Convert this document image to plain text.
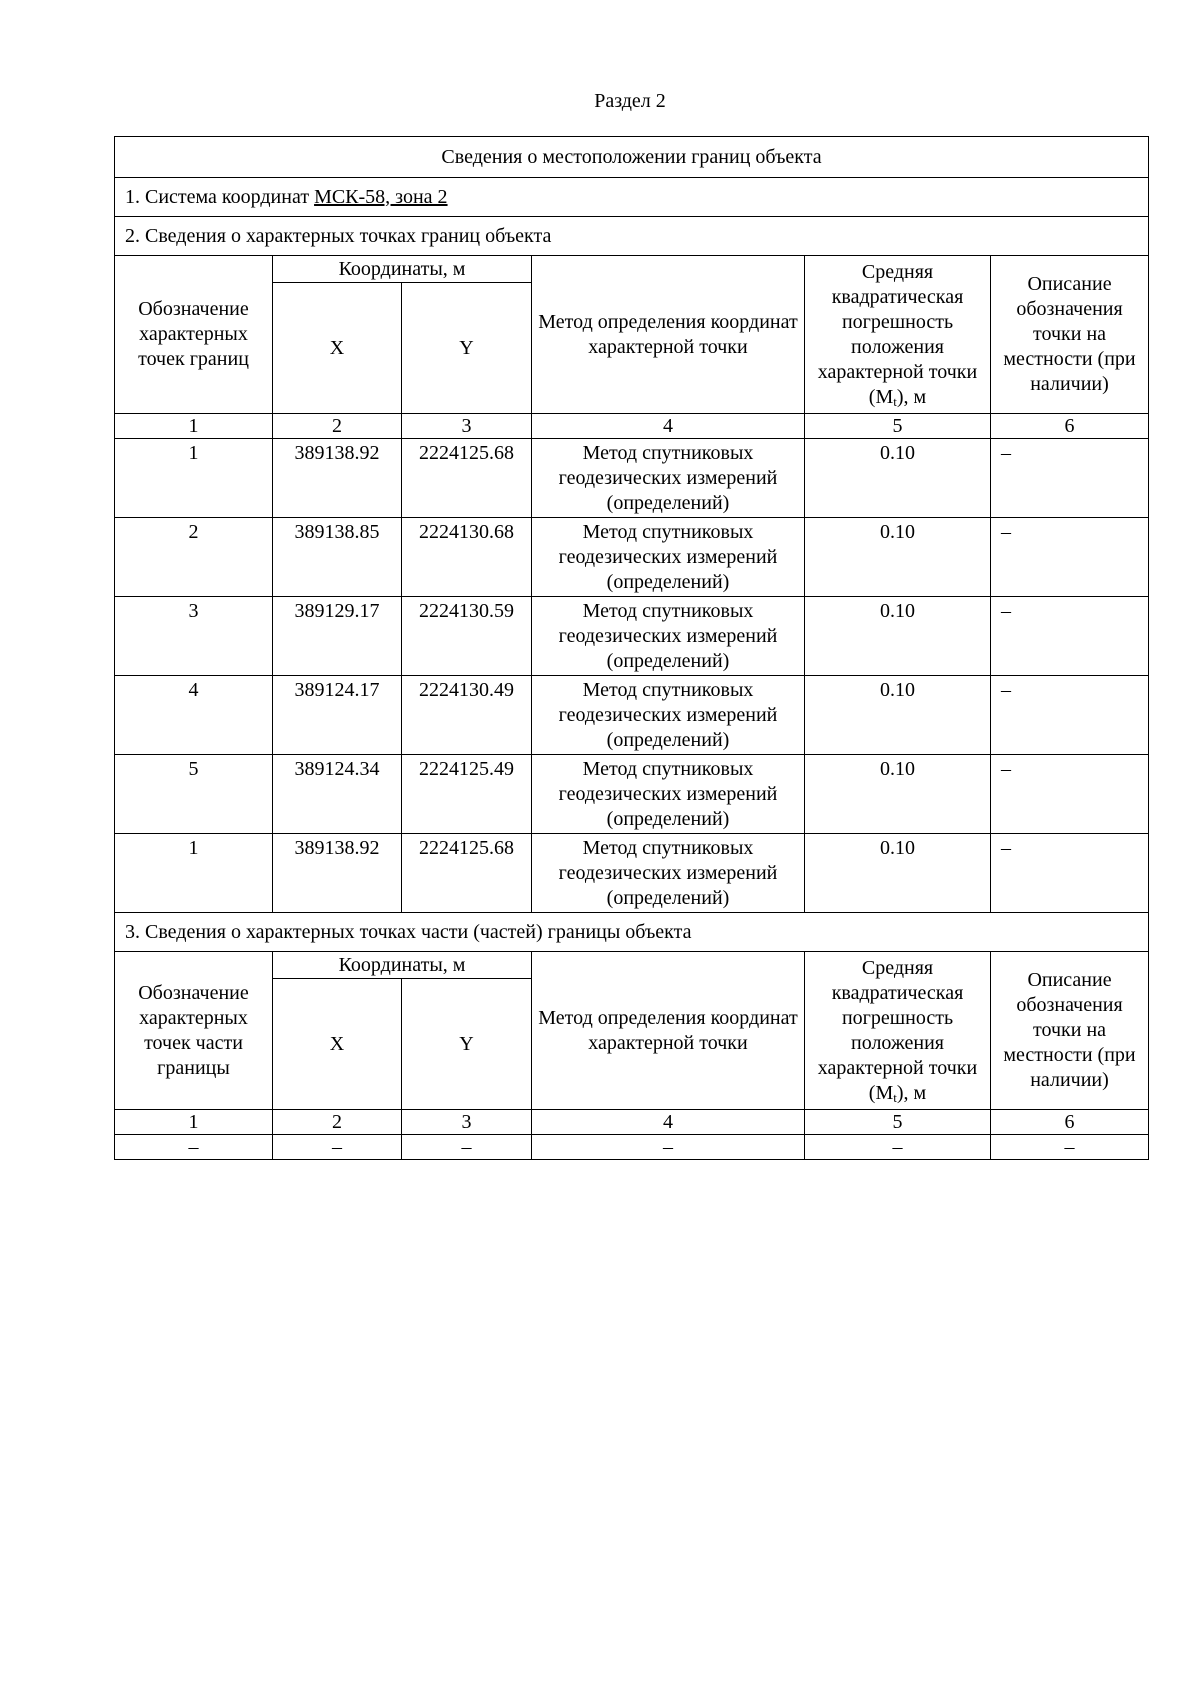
Раздел 2
Сведения о местоположении границ объекта					
1. Система координат МСК-58, зона 2					
2. Сведения о характерных точках границ объекта					
Обозначение характерных точек границ	Координаты, м		Метод определения координат характерной точки	Средняя квадратическая погрешность положения характерной точки $(M_t)$, м	Описание обозначения точки на местности (при наличии)
	X	Y			
1	2	3	4	5	6
1	389138.92	2224125.68	Метод спутниковых геодезических измерений (определений)	0.10	–
2	389138.85	2224130.68	Метод спутниковых геодезических измерений (определений)	0.10	–
3	389129.17	2224130.59	Метод спутниковых геодезических измерений (определений)	0.10	–
4	389124.17	2224130.49	Метод спутниковых геодезических измерений (определений)	0.10	–
5	389124.34	2224125.49	Метод спутниковых геодезических измерений (определений)	0.10	–
1	389138.92	2224125.68	Метод спутниковых геодезических измерений (определений)	0.10	–
3. Сведения о характерных точках части (частей) границы объекта					
Обозначение характерных точек части границы	Координаты, м		Метод определения координат характерной точки	Средняя квадратическая погрешность положения характерной точки $(M_t)$, м	Описание обозначения точки на местности (при наличии)
	X	Y			
1	2	3	4	5	6
–	–	–	–	–	–
